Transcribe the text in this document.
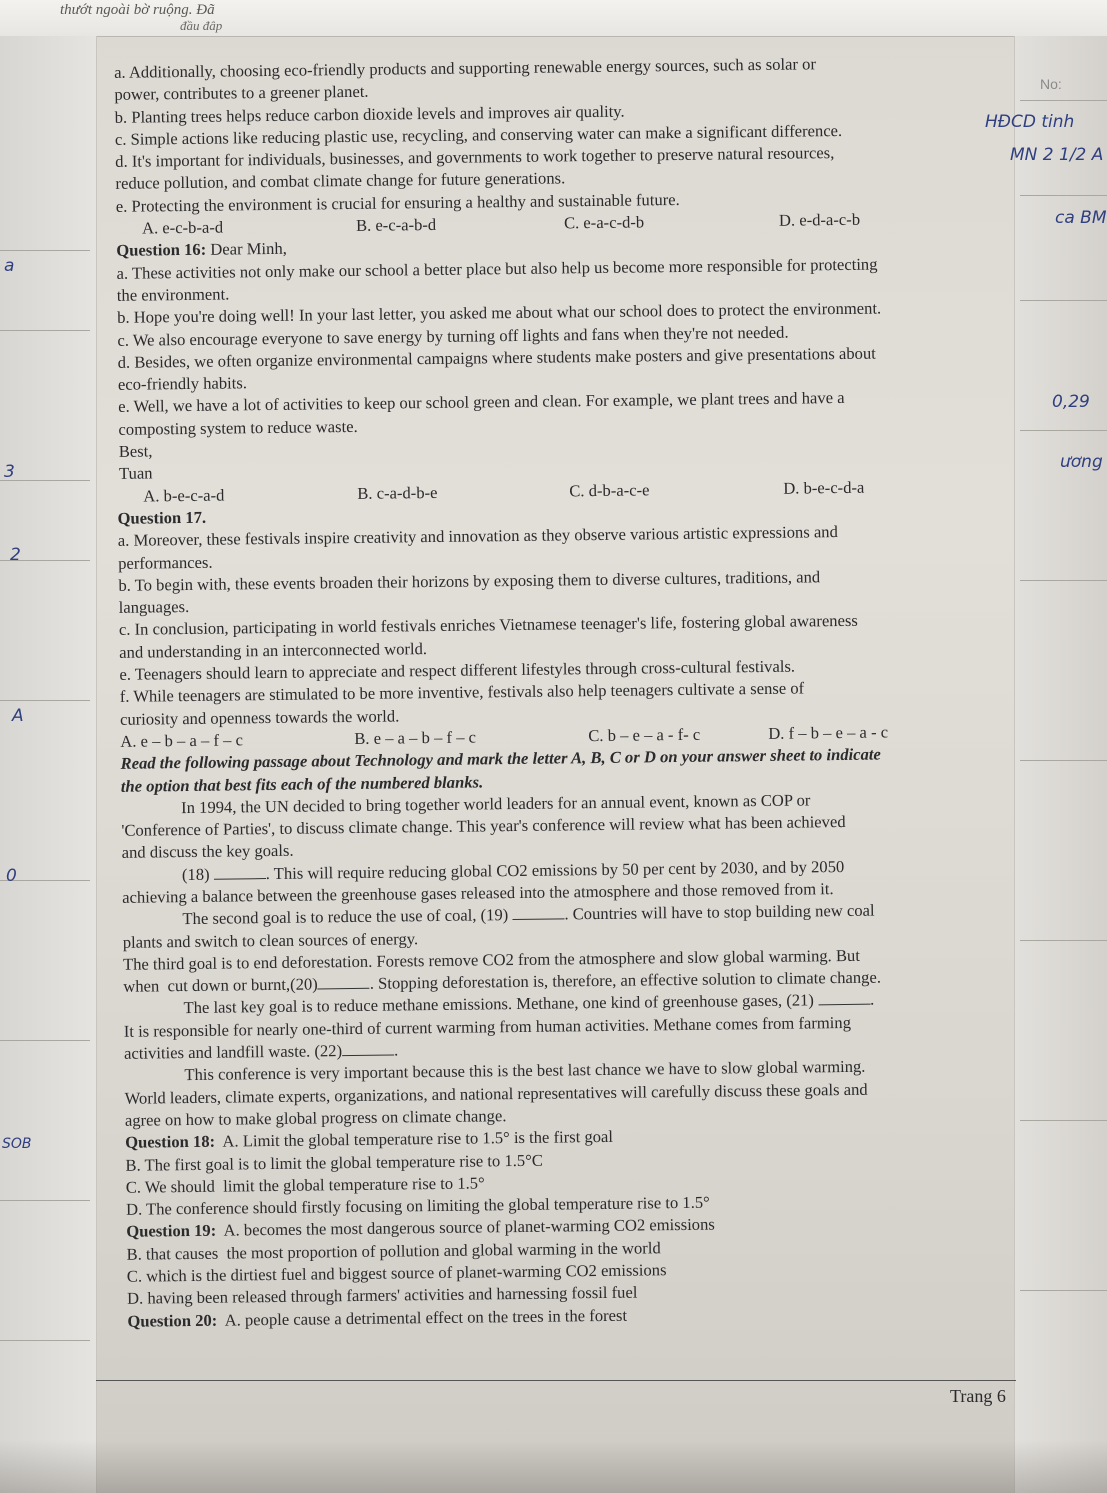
thướt ngoài bờ ruộng. Đã
đầu đâp
HĐCD tinh
MN 2 1/2 A
ca BM
0,29
ương
a
3
2
A
0
SOB
No:
a. Additionally, choosing eco-friendly products and supporting renewable energy sources, such as solar or
power, contributes to a greener planet.
b. Planting trees helps reduce carbon dioxide levels and improves air quality.
c. Simple actions like reducing plastic use, recycling, and conserving water can make a significant difference.
d. It's important for individuals, businesses, and governments to work together to preserve natural resources,
reduce pollution, and combat climate change for future generations.
e. Protecting the environment is crucial for ensuring a healthy and sustainable future.
A. e-c-b-a-d	B. e-c-a-b-d	C. e-a-c-d-b	D. e-d-a-c-b
Question 16: Dear Minh,
a. These activities not only make our school a better place but also help us become more responsible for protecting
the environment.
b. Hope you're doing well! In your last letter, you asked me about what our school does to protect the environment.
c. We also encourage everyone to save energy by turning off lights and fans when they're not needed.
d. Besides, we often organize environmental campaigns where students make posters and give presentations about
eco-friendly habits.
e. Well, we have a lot of activities to keep our school green and clean. For example, we plant trees and have a
composting system to reduce waste.
Best,
Tuan
A. b-e-c-a-d	B. c-a-d-b-e	C. d-b-a-c-e	D. b-e-c-d-a
Question 17.
a. Moreover, these festivals inspire creativity and innovation as they observe various artistic expressions and
performances.
b. To begin with, these events broaden their horizons by exposing them to diverse cultures, traditions, and
languages.
c. In conclusion, participating in world festivals enriches Vietnamese teenager's life, fostering global awareness
and understanding in an interconnected world.
e. Teenagers should learn to appreciate and respect different lifestyles through cross-cultural festivals.
f. While teenagers are stimulated to be more inventive, festivals also help teenagers cultivate a sense of
curiosity and openness towards the world.
A. e – b – a – f – c	B. e – a – b – f – c	C. b – e – a - f- c	D. f – b – e – a - c
Read the following passage about Technology and mark the letter A, B, C or D on your answer sheet to indicate
the option that best fits each of the numbered blanks.
In 1994, the UN decided to bring together world leaders for an annual event, known as COP or
'Conference of Parties', to discuss climate change. This year's conference will review what has been achieved
and discuss the key goals.
(18)	. This will require reducing global CO2 emissions by 50 per cent by 2030, and by 2050
achieving a balance between the greenhouse gases released into the atmosphere and those removed from it.
The second goal is to reduce the use of coal, (19)	. Countries will have to stop building new coal
plants and switch to clean sources of energy.
The third goal is to end deforestation. Forests remove CO2 from the atmosphere and slow global warming. But
when  cut down or burnt,(20)	. Stopping deforestation is, therefore, an effective solution to climate change.
The last key goal is to reduce methane emissions. Methane, one kind of greenhouse gases, (21)	.
It is responsible for nearly one-third of current warming from human activities. Methane comes from farming
activities and landfill waste. (22)	.
This conference is very important because this is the best last chance we have to slow global warming.
World leaders, climate experts, organizations, and national representatives will carefully discuss these goals and
agree on how to make global progress on climate change.
Question 18: A. Limit the global temperature rise to 1.5° is the first goal
B. The first goal is to limit the global temperature rise to 1.5°C
C. We should  limit the global temperature rise to 1.5°
D. The conference should firstly focusing on limiting the global temperature rise to 1.5°
Question 19: A. becomes the most dangerous source of planet-warming CO2 emissions
B. that causes  the most proportion of pollution and global warming in the world
C. which is the dirtiest fuel and biggest source of planet-warming CO2 emissions
D. having been released through farmers' activities and harnessing fossil fuel
Question 20: A. people cause a detrimental effect on the trees in the forest
Trang 6
